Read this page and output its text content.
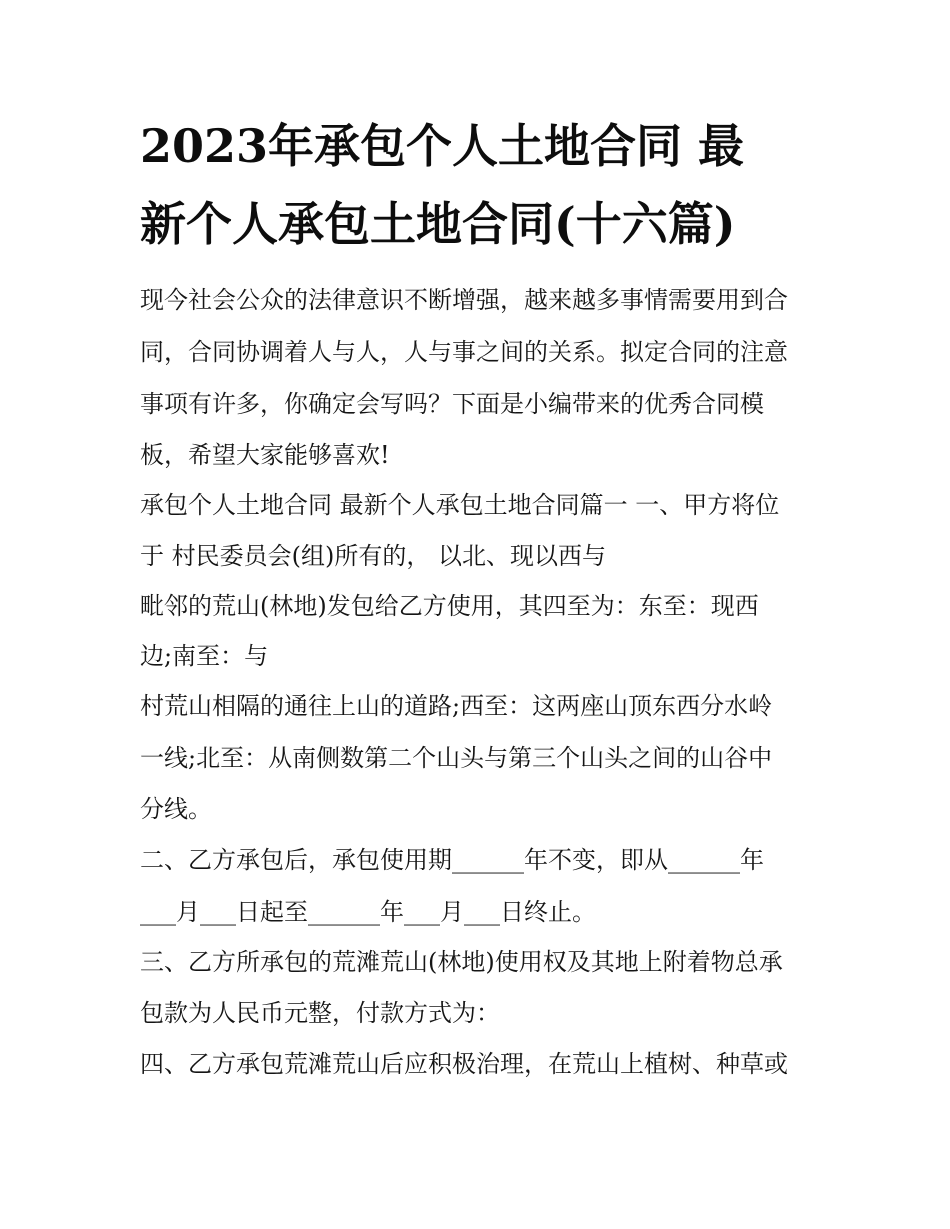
2023年承包个人土地合同 最
新个人承包土地合同(十六篇)

现今社会公众的法律意识不断增强，越来越多事情需要用到合

同，合同协调着人与人，人与事之间的关系。拟定合同的注意

事项有许多，你确定会写吗？下面是小编带来的优秀合同模

板，希望大家能够喜欢!

承包个人土地合同 最新个人承包土地合同篇一 一、甲方将位

于 村民委员会(组)所有的， 以北、现以西与

毗邻的荒山(林地)发包给乙方使用，其四至为：东至：现西

边;南至：与

村荒山相隔的通往上山的道路;西至：这两座山顶东西分水岭

一线;北至：从南侧数第二个山头与第三个山头之间的山谷中

分线。

二、乙方承包后，承包使用期______年不变，即从______年

___月___日起至______年___月___日终止。

三、乙方所承包的荒滩荒山(林地)使用权及其地上附着物总承

包款为人民币元整，付款方式为：

四、乙方承包荒滩荒山后应积极治理，在荒山上植树、种草或
